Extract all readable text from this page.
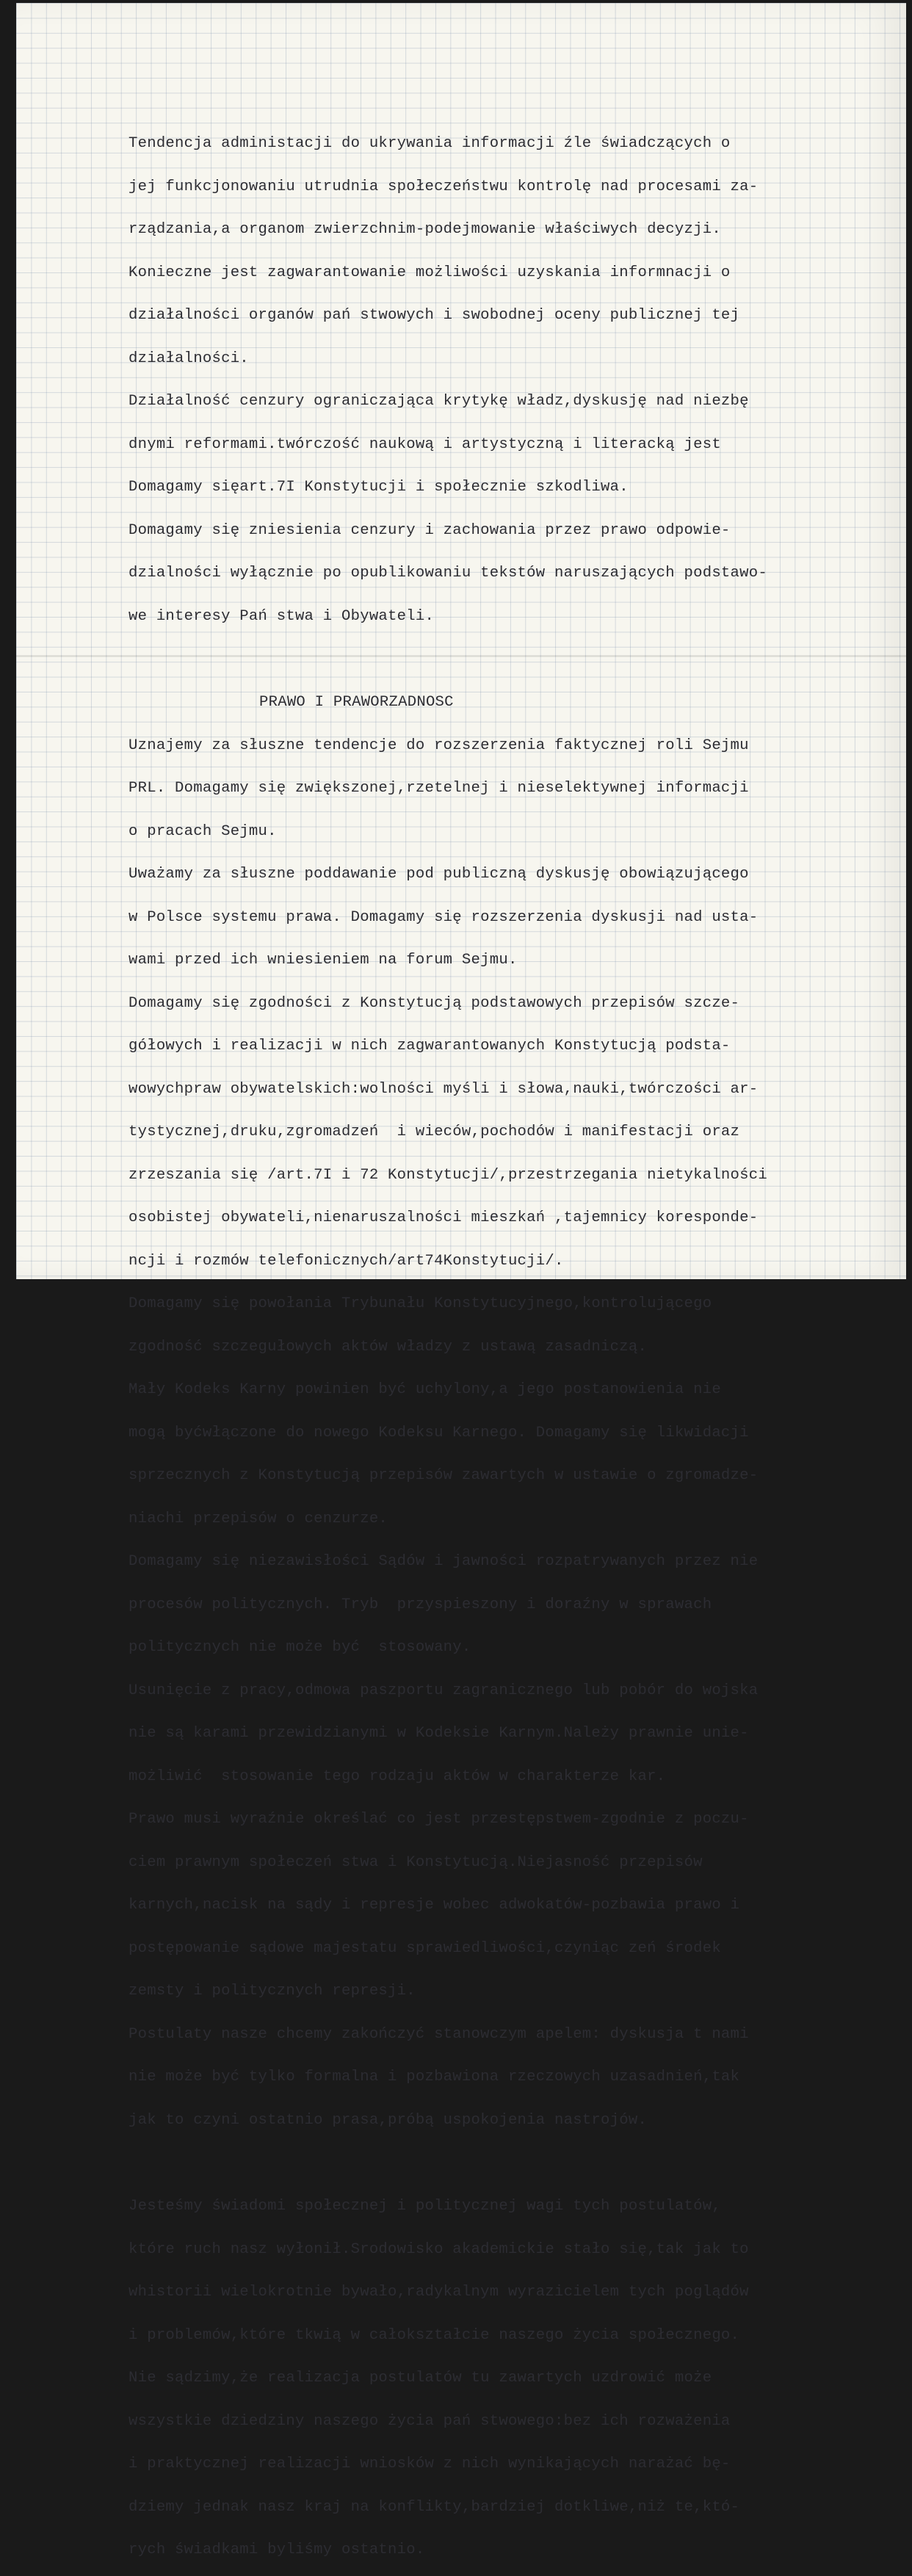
Tendencja administacji do ukrywania informacji źle świadczących o

jej funkcjonowaniu utrudnia społeczeństwu kontrolę nad procesami za-

rządzania,a organom zwierzchnim-podejmowanie właściwych decyzji.

Konieczne jest zagwarantowanie możliwości uzyskania informnacji o

działalności organów pań stwowych i swobodnej oceny publicznej tej

działalności.

Działalność cenzury ograniczająca krytykę władz,dyskusję nad niezbę

dnymi reformami.twórczość naukową i artystyczną i literacką jest

Domagamy sięart.7I Konstytucji i społecznie szkodliwa.

Domagamy się zniesienia cenzury i zachowania przez prawo odpowie-

dzialności wyłącznie po opublikowaniu tekstów naruszających podstawo-

we interesy Pań stwa i Obywateli.

PRAWO I PRAWORZADNOSC

Uznajemy za słuszne tendencje do rozszerzenia faktycznej roli Sejmu

PRL. Domagamy się zwiększonej,rzetelnej i nieselektywnej informacji

o pracach Sejmu.

Uważamy za słuszne poddawanie pod publiczną dyskusję obowiązującego

w Polsce systemu prawa. Domagamy się rozszerzenia dyskusji nad usta-

wami przed ich wniesieniem na forum Sejmu.

Domagamy się zgodności z Konstytucją podstawowych przepisów szcze-

gółowych i realizacji w nich zagwarantowanych Konstytucją podsta-

wowychpraw obywatelskich:wolności myśli i słowa,nauki,twórczości ar-

tystycznej,druku,zgromadzeń  i wieców,pochodów i manifestacji oraz

zrzeszania się /art.7I i 72 Konstytucji/,przestrzegania nietykalności

osobistej obywateli,nienaruszalności mieszkań ,tajemnicy koresponde-

ncji i rozmów telefonicznych/art74Konstytucji/.

Domagamy się powołania Trybunału Konstytucyjnego,kontrolującego

zgodność szczegułowych aktów władzy z ustawą zasadniczą.

Mały Kodeks Karny powinien być uchylony,a jego postanowienia nie

mogą byćwłączone do nowego Kodeksu Karnego. Domagamy się likwidacji

sprzecznych z Konstytucją przepisów zawartych w ustawie o zgromadze-

niachi przepisów o cenzurze.

Domagamy się niezawisłości Sądów i jawności rozpatrywanych przez nie

procesów politycznych. Tryb  przyspieszony i doraźny w sprawach

politycznych nie może być  stosowany.

Usunięcie z pracy,odmowa paszportu zagranicznego lub pobór do wojska

nie są karami przewidzianymi w Kodeksie Karnym.Należy prawnie unie-

możliwić  stosowanie tego rodzaju aktów w charakterze kar.

Prawo musi wyraźnie określać co jest przestępstwem-zgodnie z poczu-

ciem prawnym społeczeń stwa i Konstytucją.Niejasność przepisów

karnych,nacisk na sądy i represje wobec adwokatów-pozbawia prawo i

postępowanie sądowe majestatu sprawiedliwości,czyniąc zeń środek

zemsty i politycznych represji.

Postulaty nasze chcemy zakończyć stanowczym apelem: dyskusja t nami

nie może być tylko formalna i pozbawiona rzeczowych uzasadnień,tak

jak to czyni ostatnio prasa,próbą uspokojenia nastrojów.

Jesteśmy świadomi społecznej i politycznej wagi tych postulatów,

które ruch nasz wyłonił.Srodowisko akademickie stało się,tak jak to

whistorii wielokrotnie bywało,radykalnym wyrazicielem tych poglądów

i problemów,które tkwią w całokształcie naszego życia społecznego.

Nie sądzimy,że realizacja postulatów tu zawartych uzdrowić może

wszystkie dziedziny naszego życia pań stwowego:bez ich rozważenia

i praktycznej realizacji wniosków z nich wynikających narażać bę-

dziemy jednak nasz kraj na konflikty,bardziej dotkliwe,niż te,któ-

rych świadkami byliśmy ostatnio.
